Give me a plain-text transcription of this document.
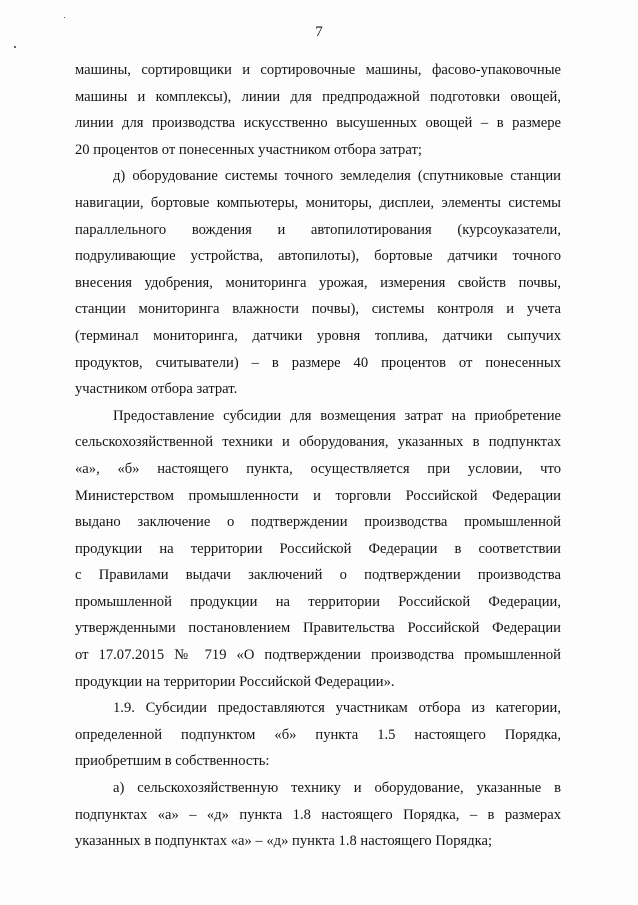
7
машины, сортировщики и сортировочные машины, фасово-упаковочные
машины и комплексы), линии для предпродажной подготовки овощей,
линии для производства искусственно высушенных овощей – в размере
20 процентов от понесенных участником отбора затрат;
д) оборудование системы точного земледелия (спутниковые станции
навигации, бортовые компьютеры, мониторы, дисплеи, элементы системы
параллельного вождения и автопилотирования (курсоуказатели,
подруливающие устройства, автопилоты), бортовые датчики точного
внесения удобрения, мониторинга урожая, измерения свойств почвы,
станции мониторинга влажности почвы), системы контроля и учета
(терминал мониторинга, датчики уровня топлива, датчики сыпучих
продуктов, считыватели) – в размере 40 процентов от понесенных
участником отбора затрат.
Предоставление субсидии для возмещения затрат на приобретение
сельскохозяйственной техники и оборудования, указанных в подпунктах
«а», «б» настоящего пункта, осуществляется при условии, что
Министерством промышленности и торговли Российской Федерации
выдано заключение о подтверждении производства промышленной
продукции на территории Российской Федерации в соответствии
с Правилами выдачи заключений о подтверждении производства
промышленной продукции на территории Российской Федерации,
утвержденными постановлением Правительства Российской Федерации
от 17.07.2015 № 719 «О подтверждении производства промышленной
продукции на территории Российской Федерации».
1.9. Субсидии предоставляются участникам отбора из категории,
определенной подпунктом «б» пункта 1.5 настоящего Порядка,
приобретшим в собственность:
а) сельскохозяйственную технику и оборудование, указанные в
подпунктах «а» – «д» пункта 1.8 настоящего Порядка, – в размерах
указанных в подпунктах «а» – «д» пункта 1.8 настоящего Порядка;
